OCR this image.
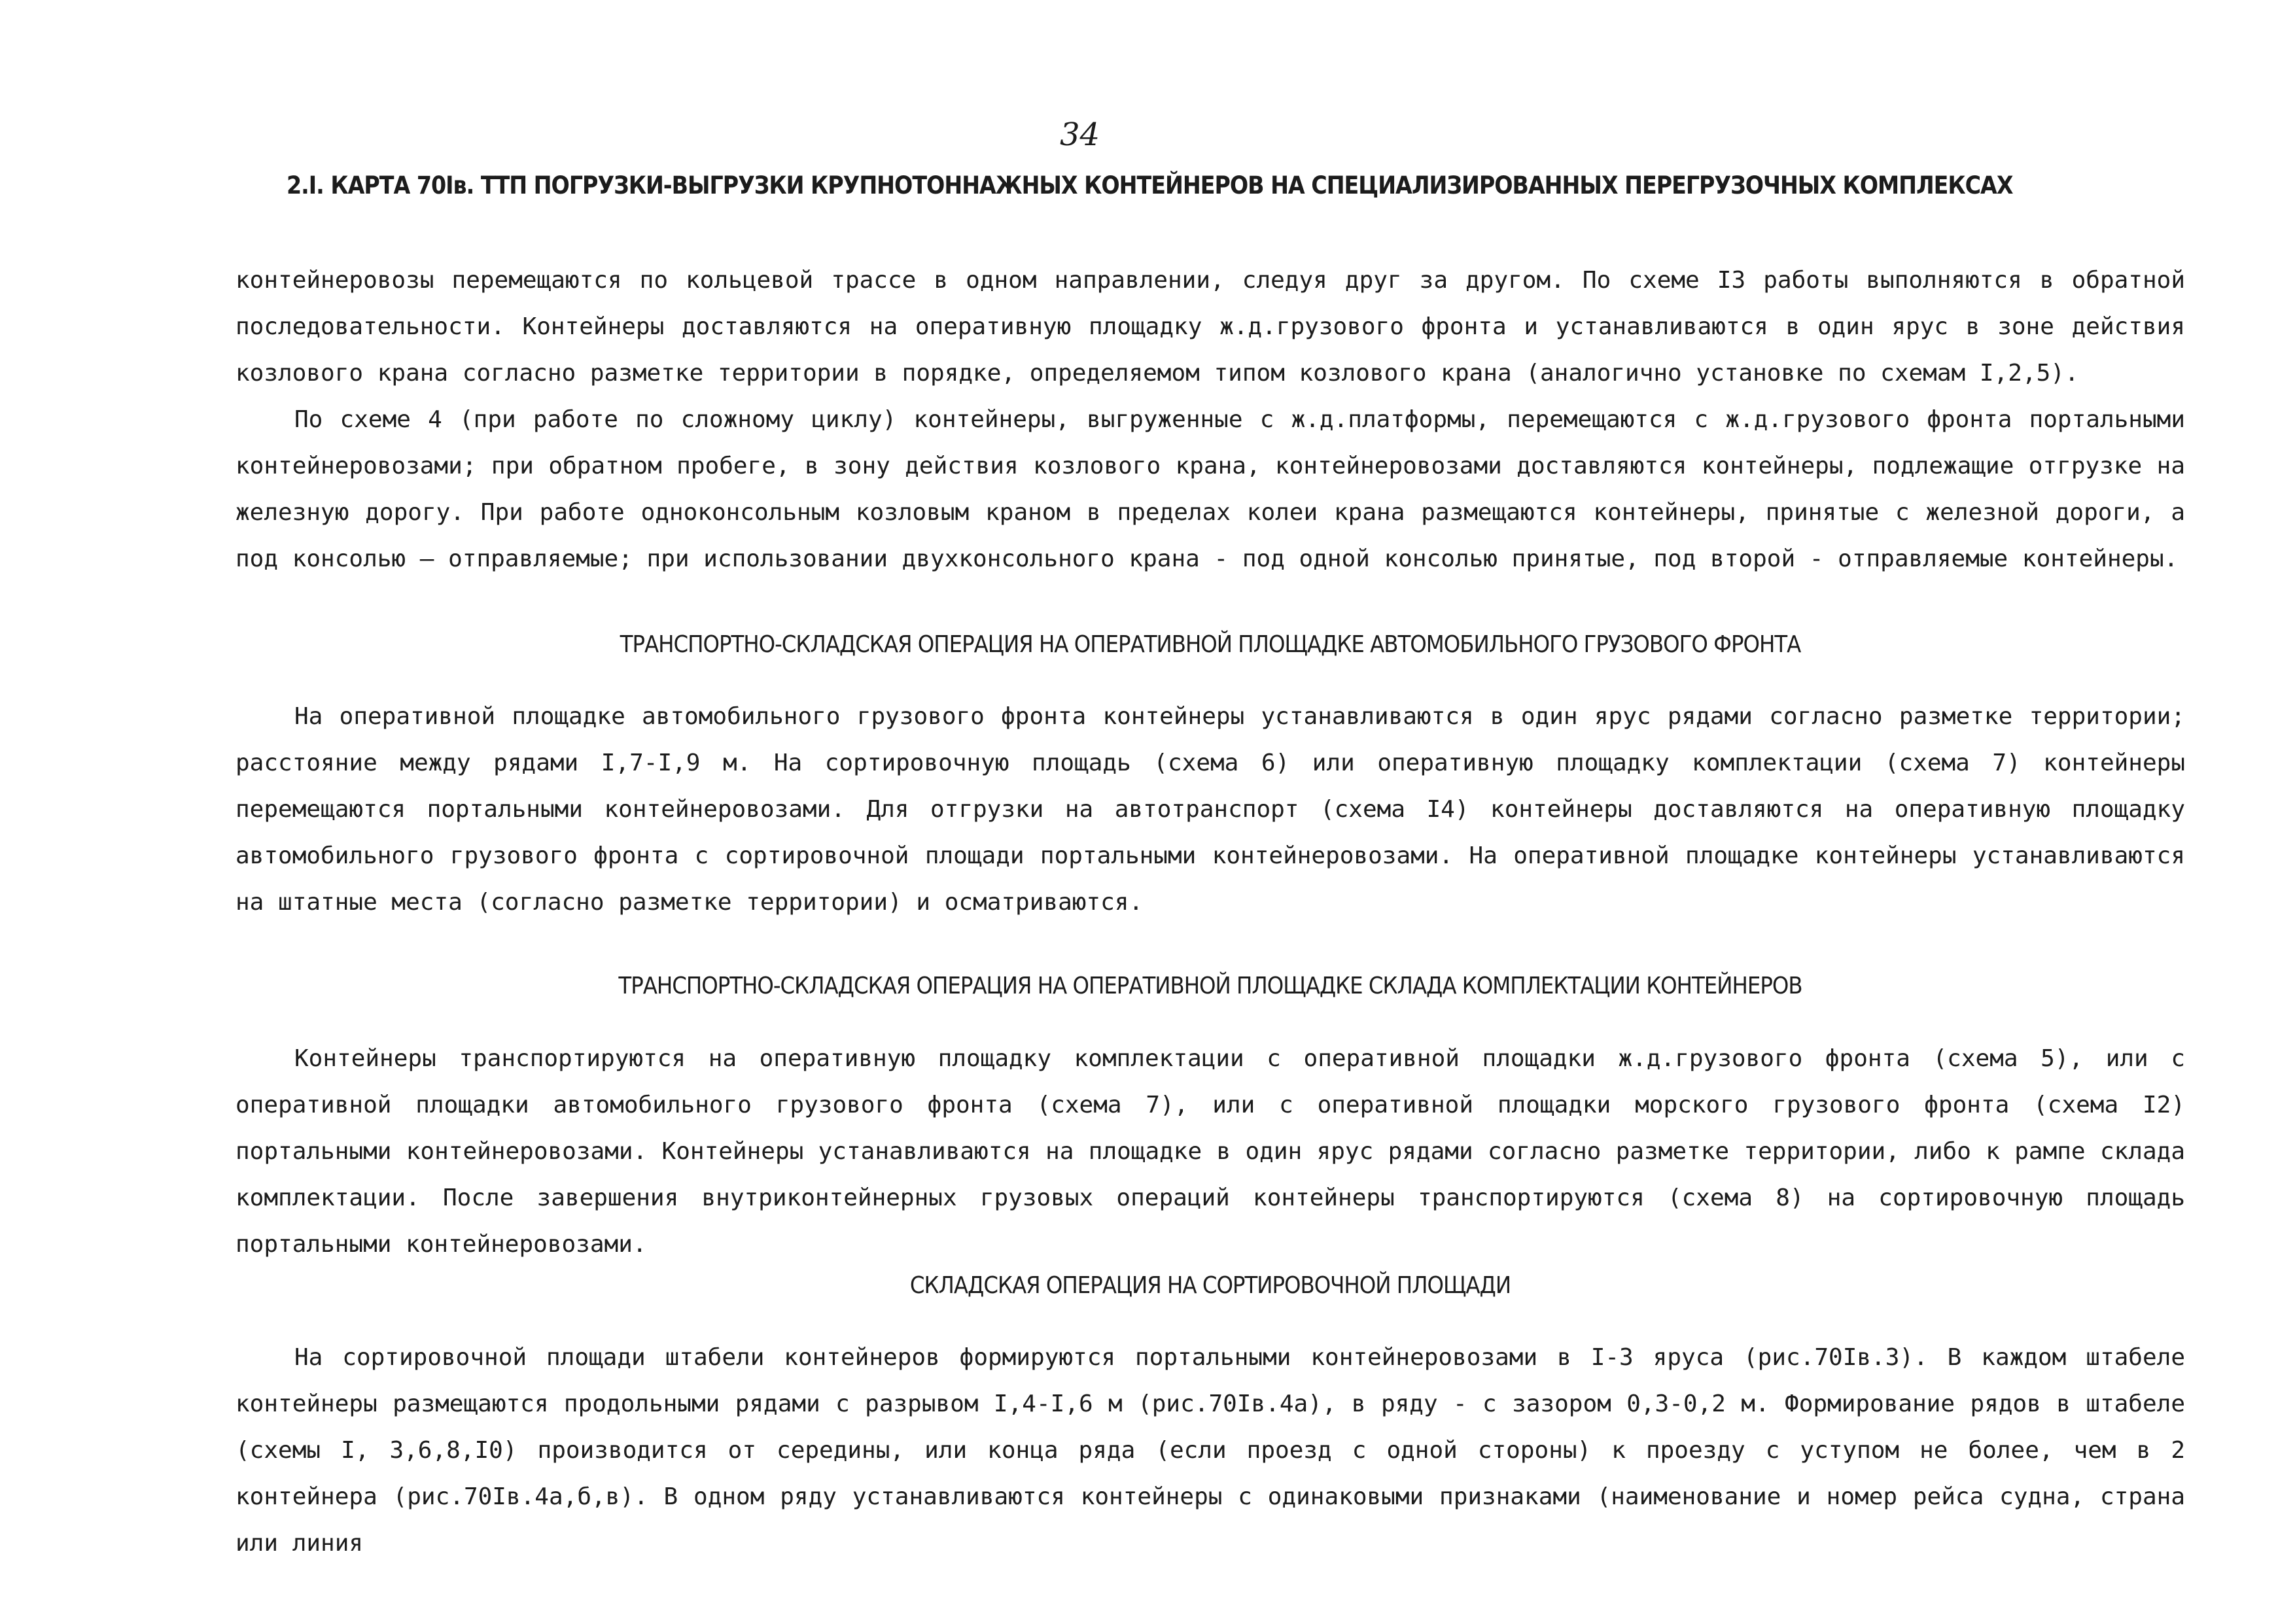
34
2.I. КАРТА 70Iв. ТТП ПОГРУЗКИ-ВЫГРУЗКИ КРУПНОТОННАЖНЫХ КОНТЕЙНЕРОВ НА СПЕЦИАЛИЗИРОВАННЫХ ПЕРЕГРУЗОЧНЫХ КОМПЛЕКСАХ

контейнеровозы перемещаются по кольцевой трассе в одном направлении, следуя друг за другом. По схеме I3 работы выполняются в обратной последовательности. Контейнеры доставляются на оперативную площадку ж.д.грузового фронта и устанавливаются в один ярус в зоне действия козлового крана согласно разметке территории в порядке, определяемом типом козлового крана (аналогично установке по схемам I,2,5).

По схеме 4 (при работе по сложному циклу) контейнеры, выгруженные с ж.д.платформы, перемещаются с ж.д.грузового фронта портальными контейнеровозами; при обратном пробеге, в зону действия козлового крана, контейнеровозами доставляются контейнеры, подлежащие отгрузке на железную дорогу. При работе одноконсольным козловым краном в пределах колеи крана размещаются контейнеры, принятые с железной дороги, а под консолью — отправляемые; при использовании двухконсольного крана - под одной консолью принятые, под второй - отправляемые контейнеры.

ТРАНСПОРТНО-СКЛАДСКАЯ ОПЕРАЦИЯ НА ОПЕРАТИВНОЙ ПЛОЩАДКЕ АВТОМОБИЛЬНОГО ГРУЗОВОГО ФРОНТА

На оперативной площадке автомобильного грузового фронта контейнеры устанавливаются в один ярус рядами согласно разметке территории; расстояние между рядами I,7-I,9 м. На сортировочную площадь (схема 6) или оперативную площадку комплектации (схема 7) контейнеры перемещаются портальными контейнеровозами. Для отгрузки на автотранспорт (схема I4) контейнеры доставляются на оперативную площадку автомобильного грузового фронта с сортировочной площади портальными контейнеровозами. На оперативной площадке контейнеры устанавливаются на штатные места (согласно разметке территории) и осматриваются.

ТРАНСПОРТНО-СКЛАДСКАЯ ОПЕРАЦИЯ НА ОПЕРАТИВНОЙ ПЛОЩАДКЕ СКЛАДА КОМПЛЕКТАЦИИ КОНТЕЙНЕРОВ

Контейнеры транспортируются на оперативную площадку комплектации с оперативной площадки ж.д.грузового фронта (схема 5), или с оперативной площадки автомобильного грузового фронта (схема 7), или с оперативной площадки морского грузового фронта (схема I2) портальными контейнеровозами. Контейнеры устанавливаются на площадке в один ярус рядами согласно разметке территории, либо к рампе склада комплектации. После завершения внутриконтейнерных грузовых операций контейнеры транспортируются (схема 8) на сортировочную площадь портальными контейнеровозами.

СКЛАДСКАЯ ОПЕРАЦИЯ НА СОРТИРОВОЧНОЙ ПЛОЩАДИ

На сортировочной площади штабели контейнеров формируются портальными контейнеровозами в I-3 яруса (рис.70Iв.3). В каждом штабеле контейнеры размещаются продольными рядами с разрывом I,4-I,6 м (рис.70Iв.4а), в ряду - с зазором 0,3-0,2 м. Формирование рядов в штабеле (схемы I, 3,6,8,I0) производится от середины, или конца ряда (если проезд с одной стороны) к проезду с уступом не более, чем в 2 контейнера (рис.70Iв.4а,б,в). В одном ряду устанавливаются контейнеры с одинаковыми признаками (наименование и номер рейса судна, страна или линия
